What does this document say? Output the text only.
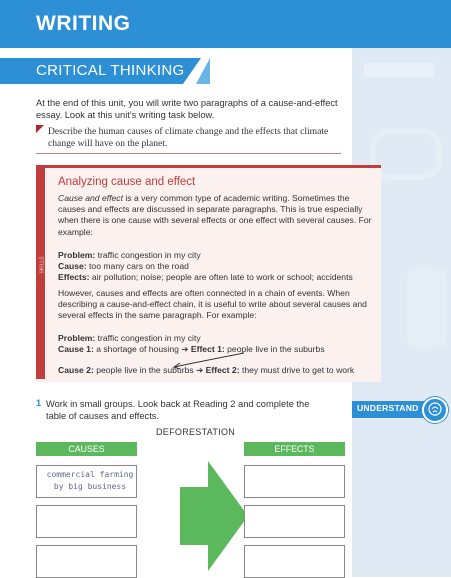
WRITING
CRITICAL THINKING
At the end of this unit, you will write two paragraphs of a cause-and-effect essay. Look at this unit's writing task below.
Describe the human causes of climate change and the effects that climate change will have on the planet.
SKILLS
Analyzing cause and effect
Cause and effect is a very common type of academic writing. Sometimes the causes and effects are discussed in separate paragraphs. This is true especially when there is one cause with several effects or one effect with several causes. For example:
Problem: traffic congestion in my city
Cause: too many cars on the road
Effects: air pollution; noise; people are often late to work or school; accidents
However, causes and effects are often connected in a chain of events. When describing a cause-and-effect chain, it is useful to write about several causes and several effects in the same paragraph. For example:
Problem: traffic congestion in my city
Cause 1: a shortage of housing ➔ Effect 1: people live in the suburbs
Cause 2: people live in the suburbs ➔ Effect 2: they must drive to get to work
1 Work in small groups. Look back at Reading 2 and complete the table of causes and effects.
UNDERSTAND
DEFORESTATION
CAUSES
commercial farming by big business
EFFECTS
